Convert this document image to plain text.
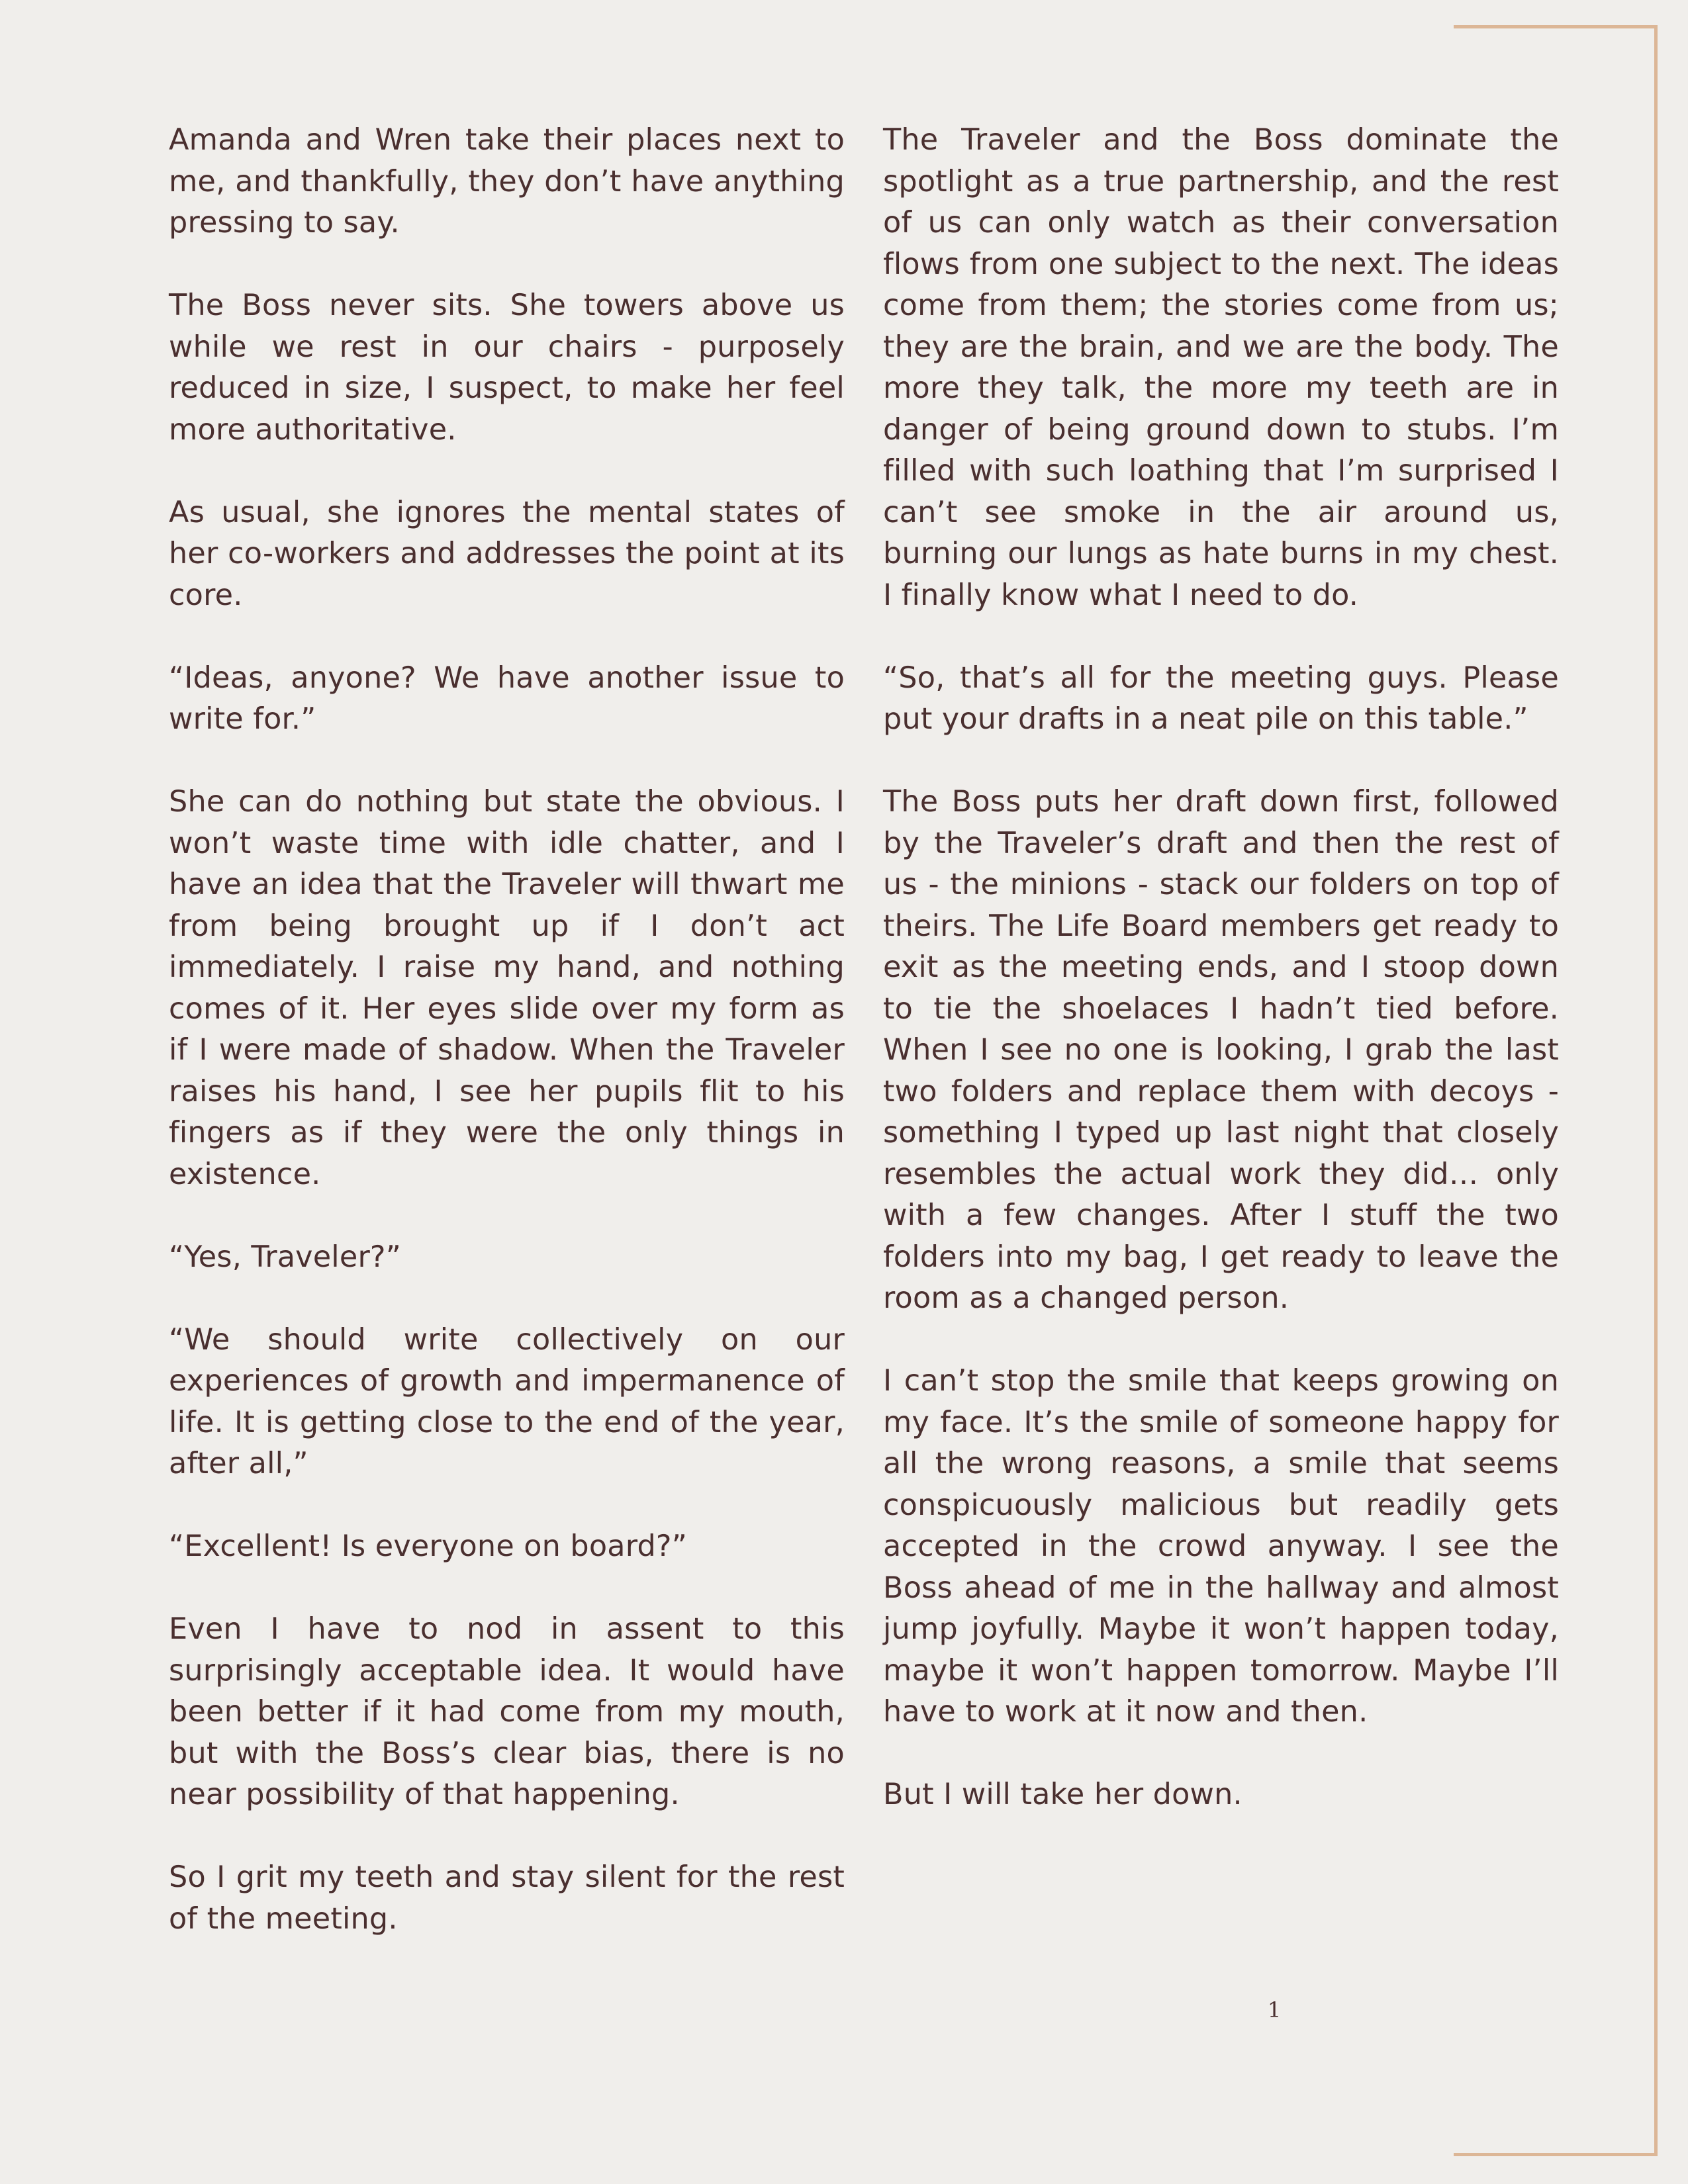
Amanda and Wren take their places next to me, and thankfully, they don’t have anything pressing to say.

The Boss never sits. She towers above us while we rest in our chairs - purposely reduced in size, I suspect, to make her feel more authoritative.

As usual, she ignores the mental states of her co-workers and addresses the point at its core.

“Ideas, anyone? We have another issue to write for.”

She can do nothing but state the obvious. I won’t waste time with idle chatter, and I have an idea that the Traveler will thwart me from being brought up if I don’t act immediately. I raise my hand, and nothing comes of it. Her eyes slide over my form as if I were made of shadow. When the Traveler raises his hand, I see her pupils flit to his fingers as if they were the only things in existence.

“Yes, Traveler?”

“We should write collectively on our experiences of growth and impermanence of life. It is getting close to the end of the year, after all,”

“Excellent! Is everyone on board?”

Even I have to nod in assent to this surprisingly acceptable idea. It would have been better if it had come from my mouth, but with the Boss’s clear bias, there is no near possibility of that happening.

So I grit my teeth and stay silent for the rest of the meeting.

The Traveler and the Boss dominate the spotlight as a true partnership, and the rest of us can only watch as their conversation flows from one subject to the next. The ideas come from them; the stories come from us; they are the brain, and we are the body. The more they talk, the more my teeth are in danger of being ground down to stubs. I’m filled with such loathing that I’m surprised I can’t see smoke in the air around us, burning our lungs as hate burns in my chest. I finally know what I need to do.

“So, that’s all for the meeting guys. Please put your drafts in a neat pile on this table.”

The Boss puts her draft down first, followed by the Traveler’s draft and then the rest of us - the minions - stack our folders on top of theirs. The Life Board members get ready to exit as the meeting ends, and I stoop down to tie the shoelaces I hadn’t tied before. When I see no one is looking, I grab the last two folders and replace them with decoys - something I typed up last night that closely resembles the actual work they did… only with a few changes. After I stuff the two folders into my bag, I get ready to leave the room as a changed person.

I can’t stop the smile that keeps growing on my face. It’s the smile of someone happy for all the wrong reasons, a smile that seems conspicuously malicious but readily gets accepted in the crowd anyway. I see the Boss ahead of me in the hallway and almost jump joyfully. Maybe it won’t happen today, maybe it won’t happen tomorrow. Maybe I’ll have to work at it now and then.

But I will take her down.

1
